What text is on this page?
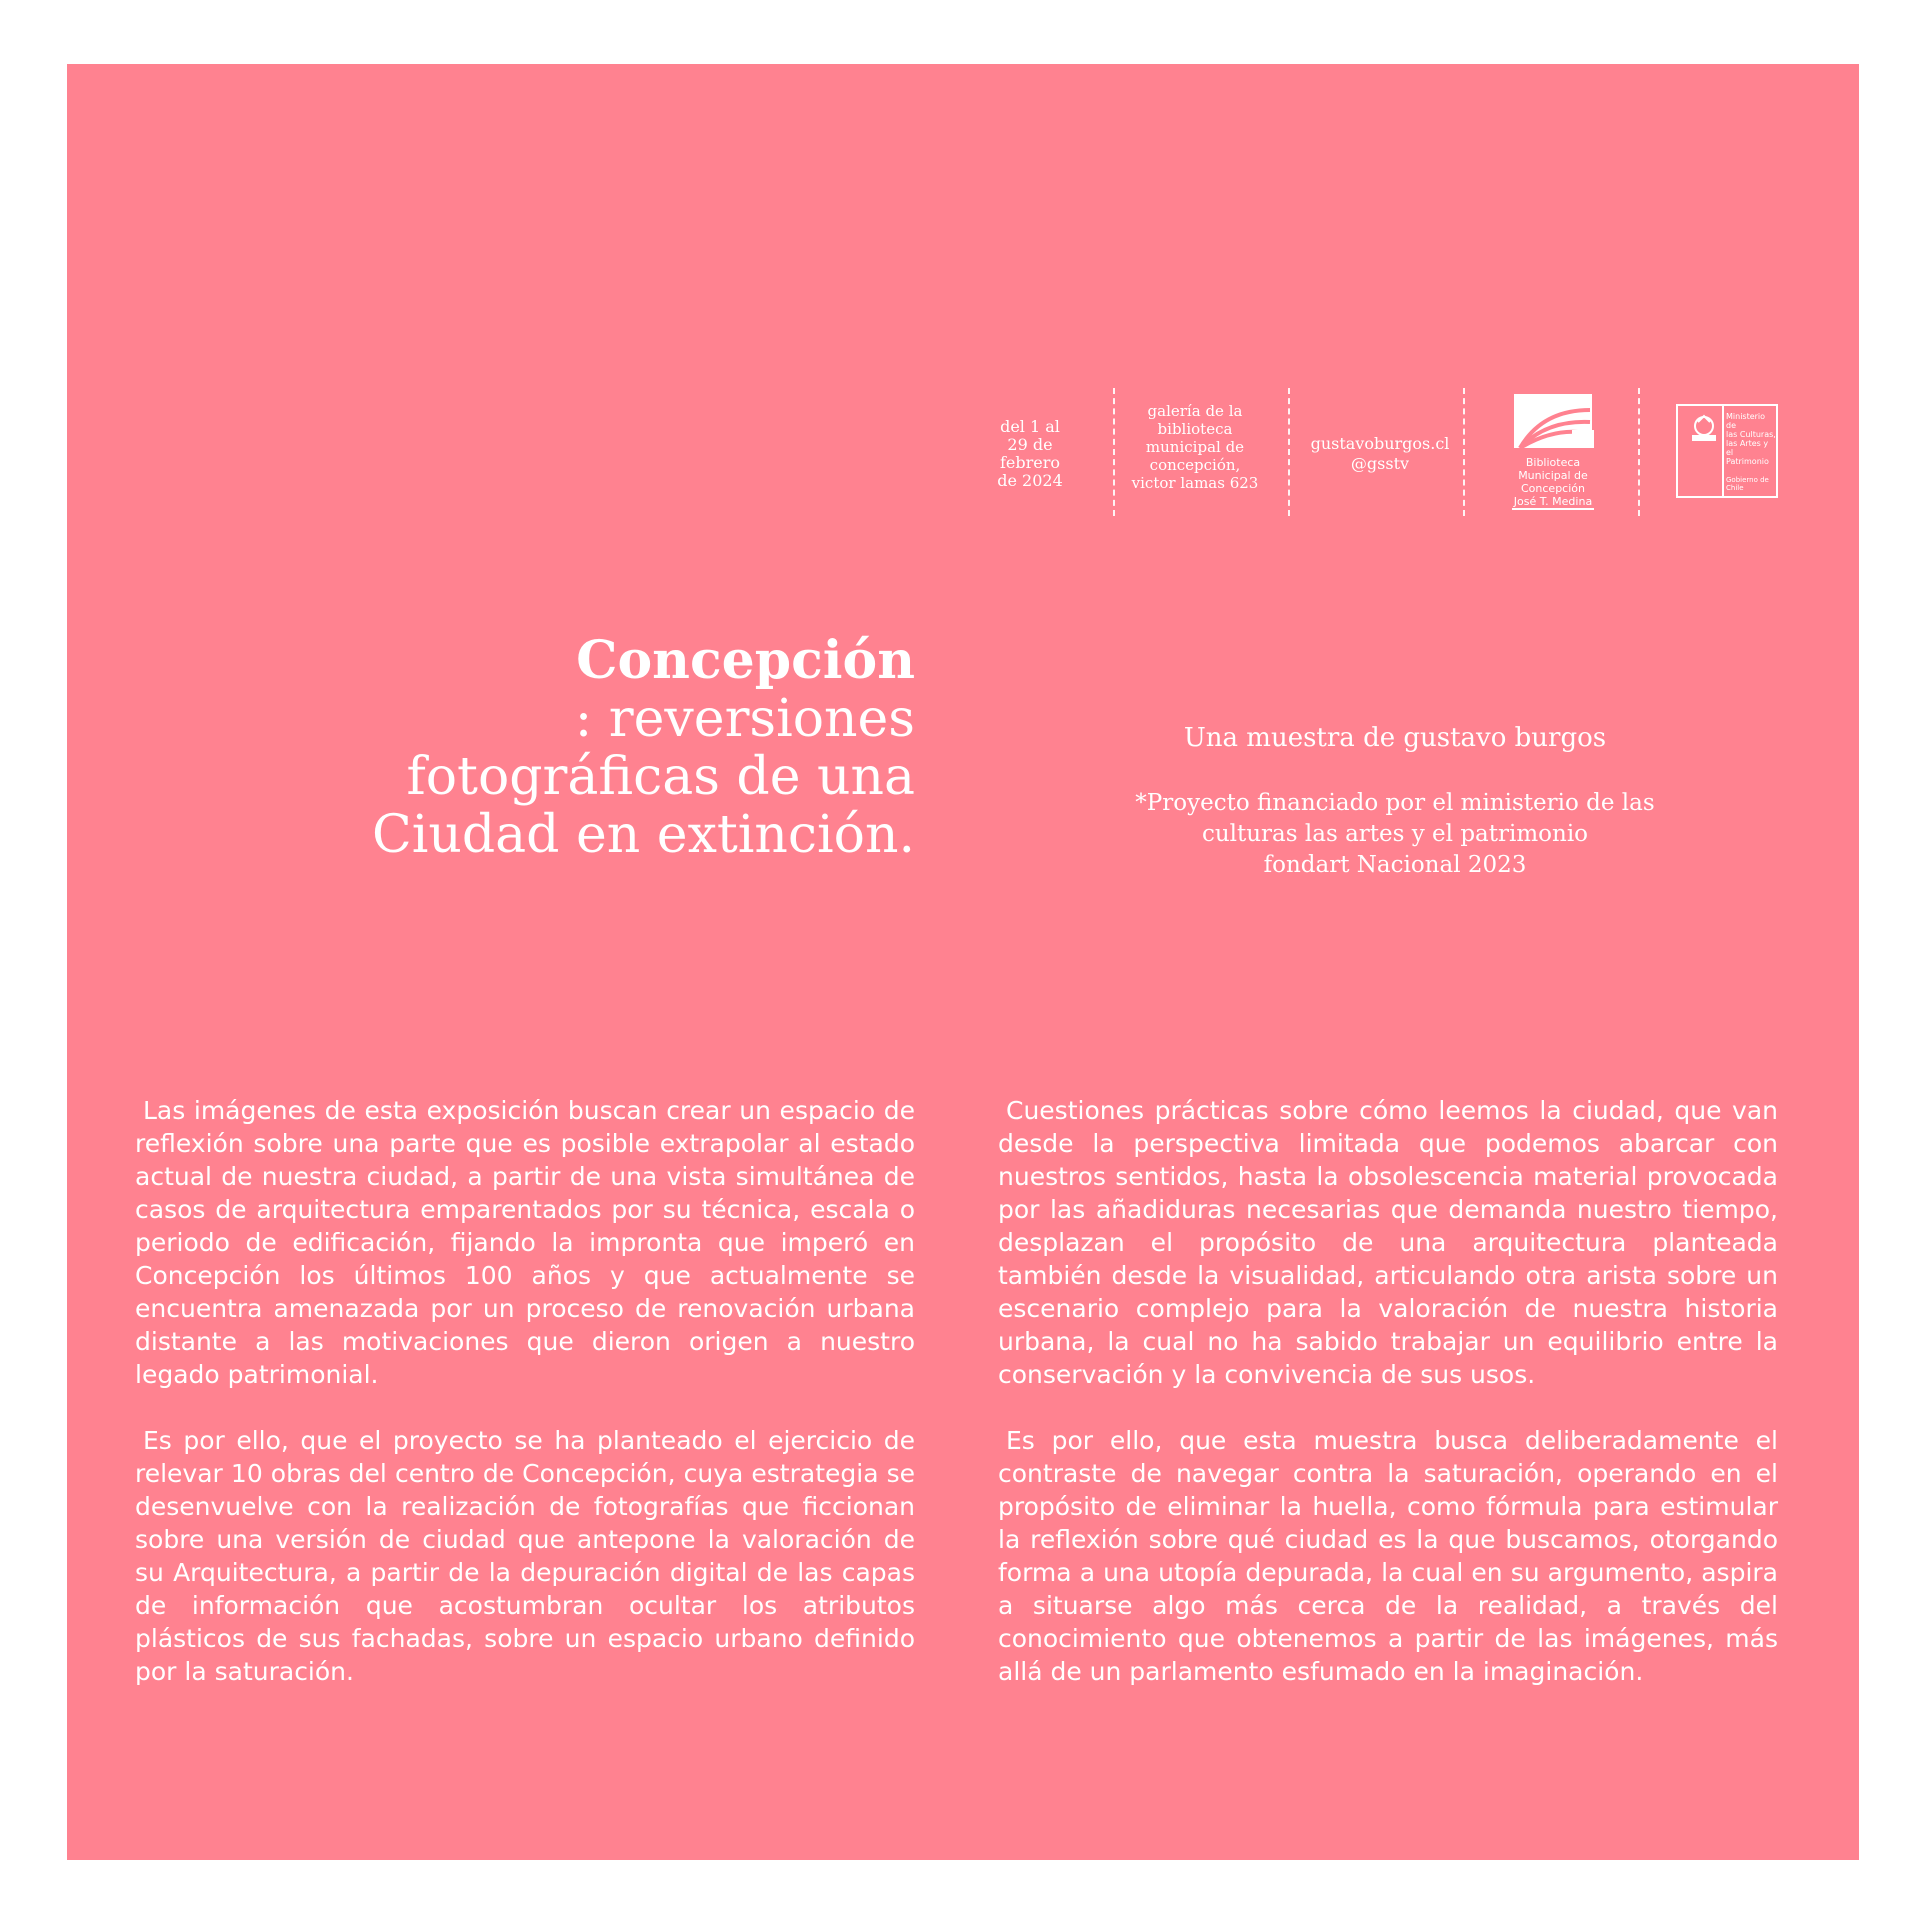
del 1 al
29 de
febrero
de 2024
galería de la
biblioteca
municipal de
concepción,
victor lamas 623
gustavoburgos.cl
@gsstv	Biblioteca
Municipal de
Concepción
José T. Medina
Ministerio de
las Culturas,
las Artes y el
Patrimonio
Gobierno de Chile
Concepción
: reversiones
fotográficas de una
Ciudad en extinción.
Una muestra de gustavo burgos
*Proyecto financiado por el ministerio de las
culturas las artes y el patrimonio
fondart Nacional 2023

Las imágenes de esta exposición buscan crear un espacio de reflexión sobre una parte que es posible extrapolar al estado actual de nuestra ciudad, a partir de una vista simultánea de casos de arquitectura emparentados por su técnica, escala o periodo de edificación, fijando la impronta que imperó en Concepción los últimos 100 años y que actualmente se encuentra amenazada por un proceso de renovación urbana distante a las motivaciones que dieron origen a nuestro legado patrimonial.

Es por ello, que el proyecto se ha planteado el ejercicio de relevar 10 obras del centro de Concepción, cuya estrategia se desenvuelve con la realización de fotografías que ficcionan sobre una versión de ciudad que antepone la valoración de su Arquitectura, a partir de la depuración digital de las capas de información que acostumbran ocultar los atributos plásticos de sus fachadas, sobre un espacio urbano definido por la saturación.

Cuestiones prácticas sobre cómo leemos la ciudad, que van desde la perspectiva limitada que podemos abarcar con nuestros sentidos, hasta la obsolescencia material provocada por las añadiduras necesarias que demanda nuestro tiempo, desplazan el propósito de una arquitectura planteada también desde la visualidad, articulando otra arista sobre un escenario complejo para la valoración de nuestra historia urbana, la cual no ha sabido trabajar un equilibrio entre la conservación y la convivencia de sus usos.

Es por ello, que esta muestra busca deliberadamente el contraste de navegar contra la saturación, operando en el propósito de eliminar la huella, como fórmula para estimular la reflexión sobre qué ciudad es la que buscamos, otorgando forma a una utopía depurada, la cual en su argumento, aspira a situarse algo más cerca de la realidad, a través del conocimiento que obtenemos a partir de las imágenes, más allá de un parlamento esfumado en la imaginación.
